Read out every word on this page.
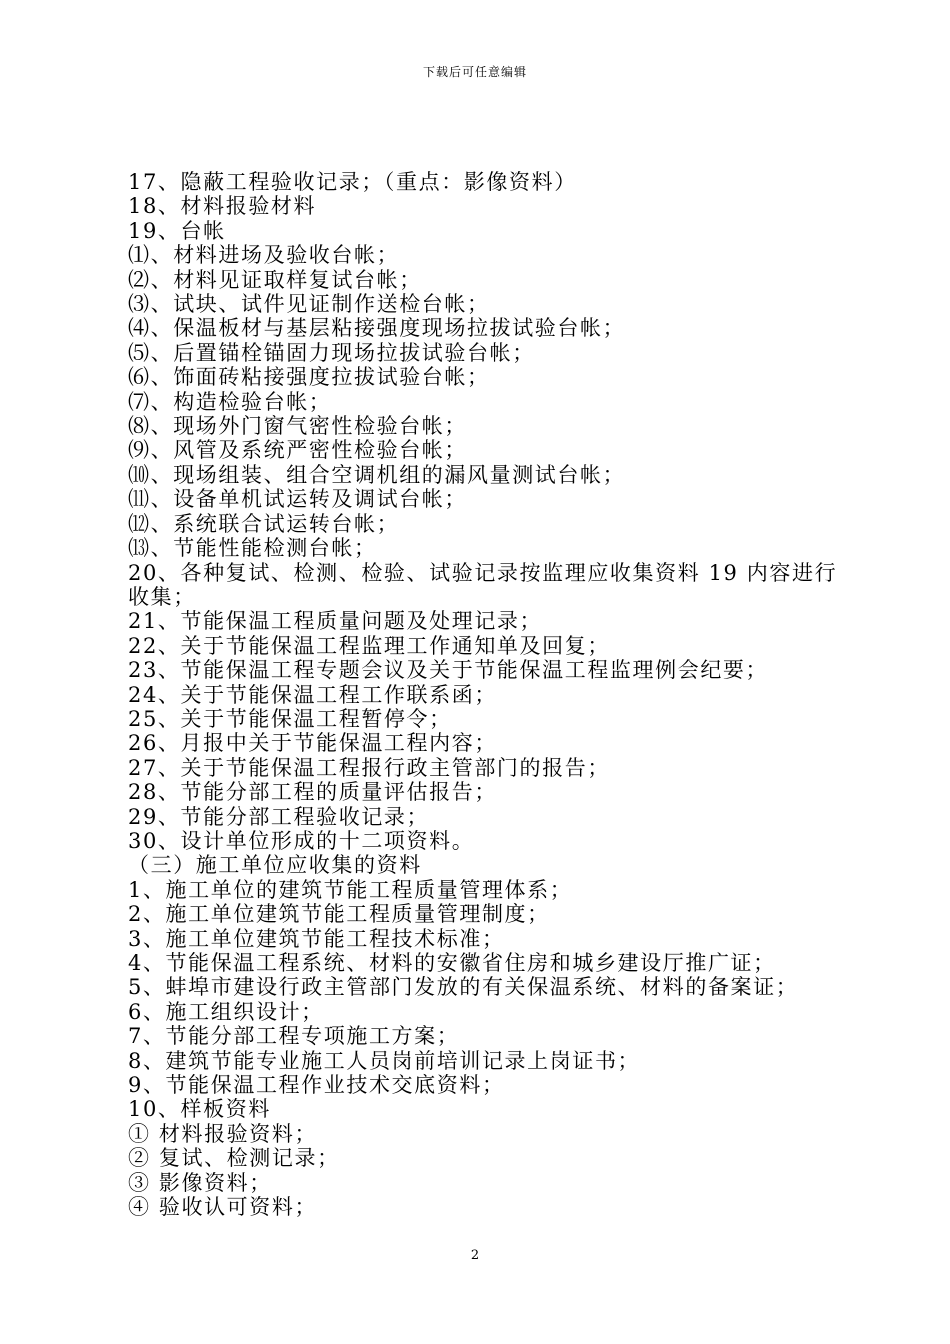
下载后可任意编辑
17、隐蔽工程验收记录；（重点：影像资料）
18、材料报验材料
19、台帐
⑴、材料进场及验收台帐；
⑵、材料见证取样复试台帐；
⑶、试块、试件见证制作送检台帐；
⑷、保温板材与基层粘接强度现场拉拔试验台帐；
⑸、后置锚栓锚固力现场拉拔试验台帐；
⑹、饰面砖粘接强度拉拔试验台帐；
⑺、构造检验台帐；
⑻、现场外门窗气密性检验台帐；
⑼、风管及系统严密性检验台帐；
⑽、现场组装、组合空调机组的漏风量测试台帐；
⑾、设备单机试运转及调试台帐；
⑿、系统联合试运转台帐；
⒀、节能性能检测台帐；
20、各种复试、检测、检验、试验记录按监理应收集资料 19 内容进行收集；
21、节能保温工程质量问题及处理记录；
22、关于节能保温工程监理工作通知单及回复；
23、节能保温工程专题会议及关于节能保温工程监理例会纪要；
24、关于节能保温工程工作联系函；
25、关于节能保温工程暂停令；
26、月报中关于节能保温工程内容；
27、关于节能保温工程报行政主管部门的报告；
28、节能分部工程的质量评估报告；
29、节能分部工程验收记录；
30、设计单位形成的十二项资料。
（三）施工单位应收集的资料
1、施工单位的建筑节能工程质量管理体系；
2、施工单位建筑节能工程质量管理制度；
3、施工单位建筑节能工程技术标准；
4、节能保温工程系统、材料的安徽省住房和城乡建设厅推广证；
5、蚌埠市建设行政主管部门发放的有关保温系统、材料的备案证；
6、施工组织设计；
7、节能分部工程专项施工方案；
8、建筑节能专业施工人员岗前培训记录上岗证书；
9、节能保温工程作业技术交底资料；
10、样板资料
① 材料报验资料；
② 复试、检测记录；
③ 影像资料；
④ 验收认可资料；
2
